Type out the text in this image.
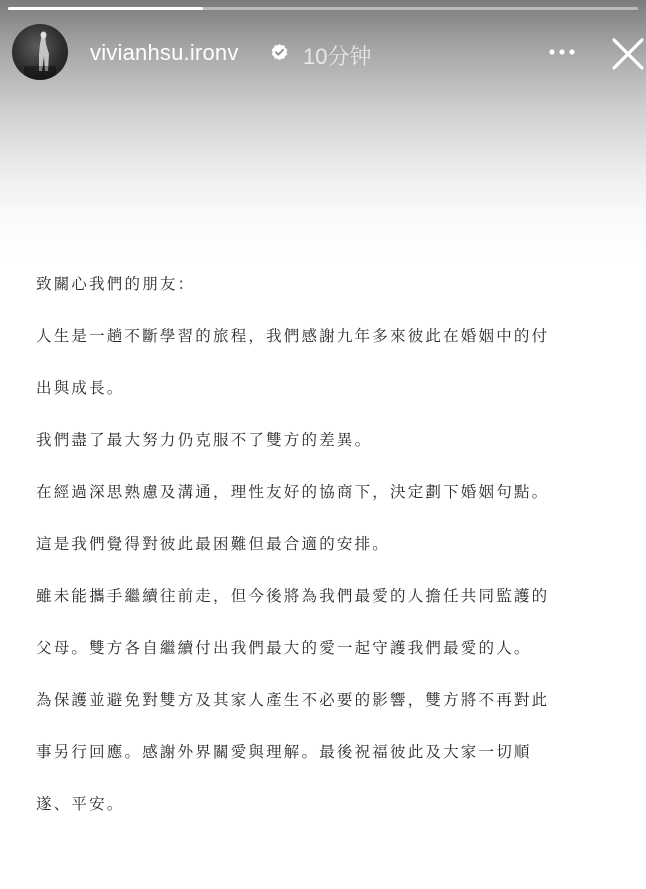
vivianhsu.ironv	10分钟

致關心我們的朋友：

人生是一趟不斷學習的旅程，我們感謝九年多來彼此在婚姻中的付

出與成長。

我們盡了最大努力仍克服不了雙方的差異。

在經過深思熟慮及溝通，理性友好的協商下，決定劃下婚姻句點。

這是我們覺得對彼此最困難但最合適的安排。

雖未能攜手繼續往前走，但今後將為我們最愛的人擔任共同監護的

父母。雙方各自繼續付出我們最大的愛一起守護我們最愛的人。

為保護並避免對雙方及其家人產生不必要的影響，雙方將不再對此

事另行回應。感謝外界關愛與理解。最後祝福彼此及大家一切順

遂、平安。
